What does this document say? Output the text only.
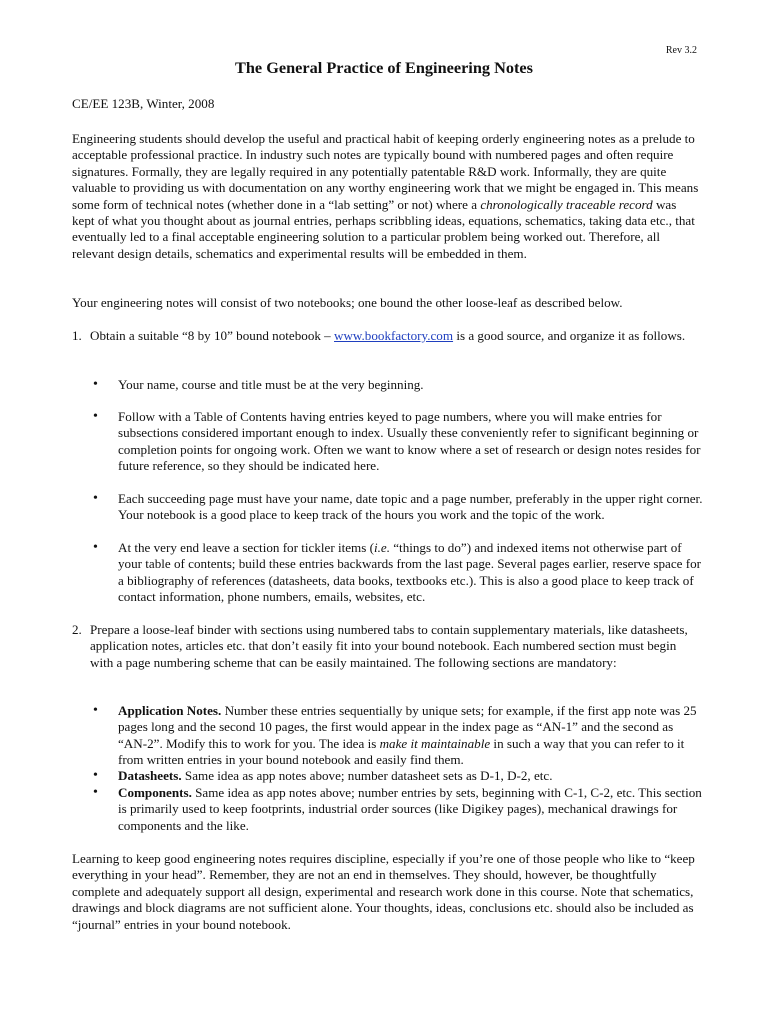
Rev 3.2
The General Practice of Engineering Notes

CE/EE 123B, Winter, 2008

Engineering students should develop the useful and practical habit of keeping orderly engineering notes as a prelude to acceptable professional practice. In industry such notes are typically bound with numbered pages and often require signatures. Formally, they are legally required in any potentially patentable R&D work. Informally, they are quite valuable to providing us with documentation on any worthy engineering work that we might be engaged in. This means some form of technical notes (whether done in a “lab setting” or not) where a chronologically traceable record was kept of what you thought about as journal entries, perhaps scribbling ideas, equations, schematics, taking data etc., that eventually led to a final acceptable engineering solution to a particular problem being worked out. Therefore, all relevant design details, schematics and experimental results will be embedded in them.

Your engineering notes will consist of two notebooks; one bound the other loose-leaf as described below.

1. Obtain a suitable “8 by 10” bound notebook – www.bookfactory.com is a good source, and organize it as follows.

•	Your name, course and title must be at the very beginning.

•	Follow with a Table of Contents having entries keyed to page numbers, where you will make entries for subsections considered important enough to index. Usually these conveniently refer to significant beginning or completion points for ongoing work. Often we want to know where a set of research or design notes resides for future reference, so they should be indicated here.

•	Each succeeding page must have your name, date topic and a page number, preferably in the upper right corner. Your notebook is a good place to keep track of the hours you work and the topic of the work.

•	At the very end leave a section for tickler items (i.e. “things to do”) and indexed items not otherwise part of your table of contents; build these entries backwards from the last page. Several pages earlier, reserve space for a bibliography of references (datasheets, data books, textbooks etc.). This is also a good place to keep track of contact information, phone numbers, emails, websites, etc.

2. Prepare a loose-leaf binder with sections using numbered tabs to contain supplementary materials, like datasheets, application notes, articles etc. that don’t easily fit into your bound notebook. Each numbered section must begin with a page numbering scheme that can be easily maintained. The following sections are mandatory:

•	Application Notes. Number these entries sequentially by unique sets; for example, if the first app note was 25 pages long and the second 10 pages, the first would appear in the index page as “AN-1” and the second as “AN-2”. Modify this to work for you. The idea is make it maintainable in such a way that you can refer to it from written entries in your bound notebook and easily find them.

•	Datasheets. Same idea as app notes above; number datasheet sets as D-1, D-2, etc.

•	Components. Same idea as app notes above; number entries by sets, beginning with C-1, C-2, etc. This section is primarily used to keep footprints, industrial order sources (like Digikey pages), mechanical drawings for components and the like.

Learning to keep good engineering notes requires discipline, especially if you’re one of those people who like to “keep everything in your head”. Remember, they are not an end in themselves. They should, however, be thoughtfully complete and adequately support all design, experimental and research work done in this course. Note that schematics, drawings and block diagrams are not sufficient alone. Your thoughts, ideas, conclusions etc. should also be included as “journal” entries in your bound notebook.
